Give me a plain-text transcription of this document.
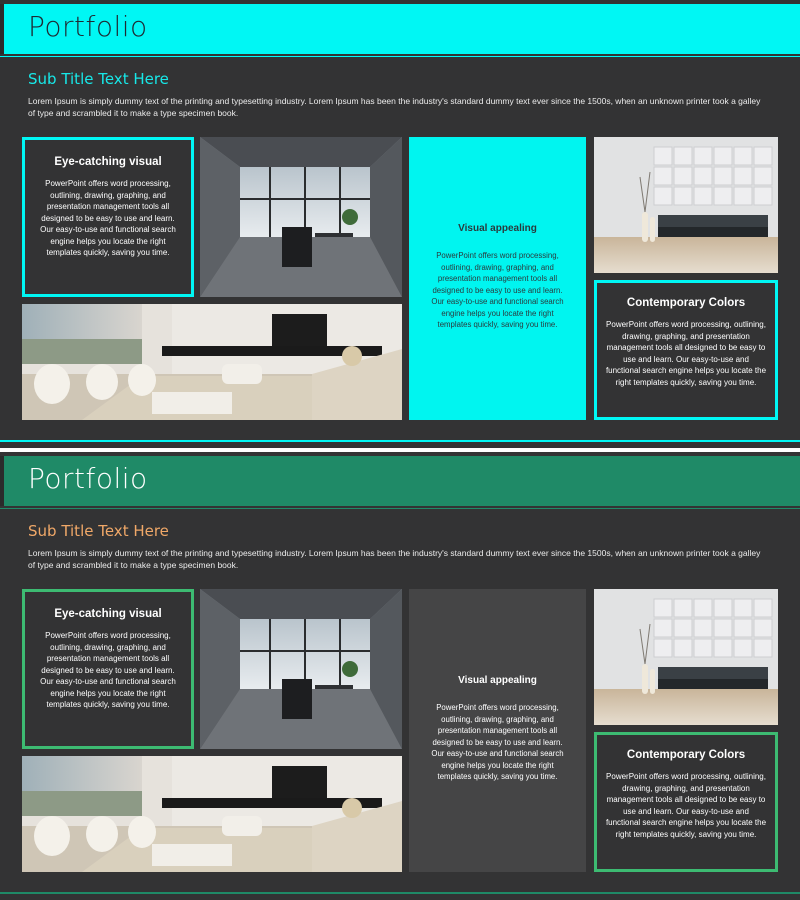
Portfolio
Sub Title Text Here
Lorem Ipsum is simply dummy text of the printing and typesetting industry. Lorem Ipsum has been the industry's standard dummy text ever since the 1500s, when an unknown printer took a galley of type and scrambled it to make a type specimen book.
Eye-catching visual

PowerPoint offers word processing, outlining, drawing, graphing, and presentation management tools all designed to be easy to use and learn. Our easy-to-use and functional search engine helps you locate the right templates quickly, saving you time.

Visual appealing

PowerPoint offers word processing, outlining, drawing, graphing, and presentation management tools all designed to be easy to use and learn. Our easy-to-use and functional search engine helps you locate the right templates quickly, saving you time.

Contemporary Colors

PowerPoint offers word processing, outlining, drawing, graphing, and presentation management tools all designed to be easy to use and learn. Our easy-to-use and functional search engine helps you locate the right templates quickly, saving you time.

Portfolio
Sub Title Text Here
Lorem Ipsum is simply dummy text of the printing and typesetting industry. Lorem Ipsum has been the industry's standard dummy text ever since the 1500s, when an unknown printer took a galley of type and scrambled it to make a type specimen book.
Eye-catching visual

PowerPoint offers word processing, outlining, drawing, graphing, and presentation management tools all designed to be easy to use and learn. Our easy-to-use and functional search engine helps you locate the right templates quickly, saving you time.

Visual appealing

PowerPoint offers word processing, outlining, drawing, graphing, and presentation management tools all designed to be easy to use and learn. Our easy-to-use and functional search engine helps you locate the right templates quickly, saving you time.

Contemporary Colors

PowerPoint offers word processing, outlining, drawing, graphing, and presentation management tools all designed to be easy to use and learn. Our easy-to-use and functional search engine helps you locate the right templates quickly, saving you time.
